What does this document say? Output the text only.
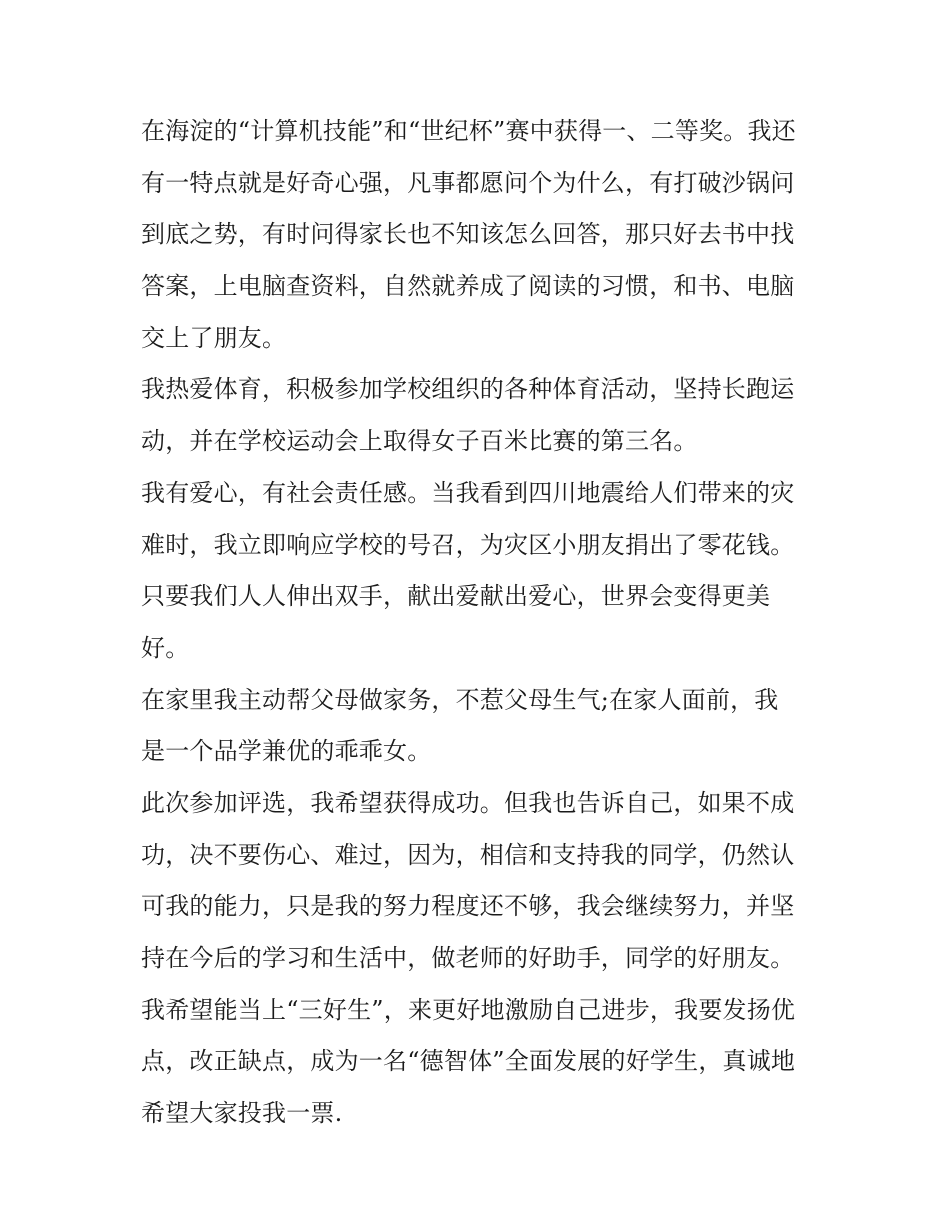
在海淀的“计算机技能”和“世纪杯”赛中获得一、二等奖。我还
有一特点就是好奇心强，凡事都愿问个为什么，有打破沙锅问
到底之势，有时问得家长也不知该怎么回答，那只好去书中找
答案，上电脑查资料，自然就养成了阅读的习惯，和书、电脑
交上了朋友。
我热爱体育，积极参加学校组织的各种体育活动，坚持长跑运
动，并在学校运动会上取得女子百米比赛的第三名。
我有爱心，有社会责任感。当我看到四川地震给人们带来的灾
难时，我立即响应学校的号召，为灾区小朋友捐出了零花钱。
只要我们人人伸出双手，献出爱献出爱心，世界会变得更美
好。
在家里我主动帮父母做家务，不惹父母生气;在家人面前，我
是一个品学兼优的乖乖女。
此次参加评选，我希望获得成功。但我也告诉自己，如果不成
功，决不要伤心、难过，因为，相信和支持我的同学，仍然认
可我的能力，只是我的努力程度还不够，我会继续努力，并坚
持在今后的学习和生活中，做老师的好助手，同学的好朋友。
我希望能当上“三好生”，来更好地激励自己进步，我要发扬优
点，改正缺点，成为一名“德智体”全面发展的好学生，真诚地
希望大家投我一票.
